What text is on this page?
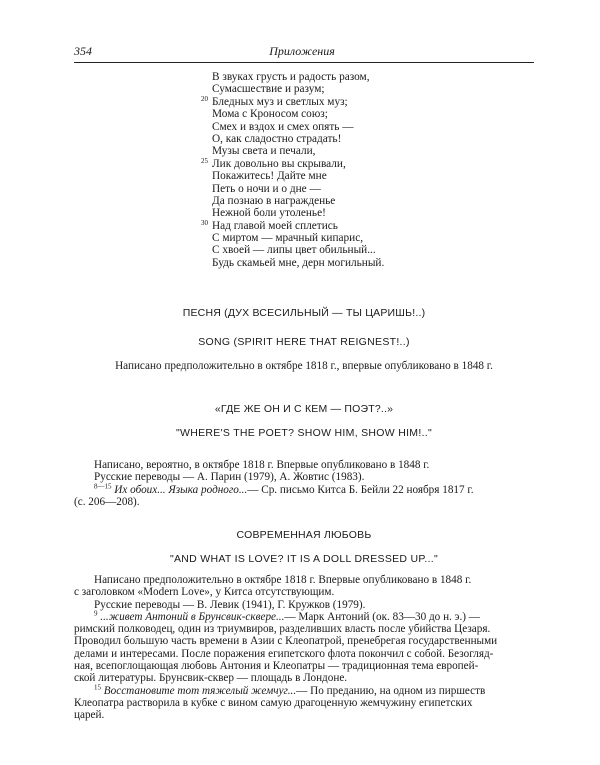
354	Приложения
В звуках грусть и радость разом,
Сумасшествие и разум;
20 Бледных муз и светлых муз;
Мома с Кроносом союз;
Смех и вздох и смех опять —
О, как сладостно страдать!
Музы света и печали,
25 Лик довольно вы скрывали,
Покажитесь! Дайте мне
Петь о ночи и о дне —
Да познаю в награжденье
Нежной боли утоленье!
30 Над главой моей сплетись
С миртом — мрачный кипарис,
С хвоей — липы цвет обильный...
Будь скамьей мне, дерн могильный.
ПЕСНЯ (ДУХ ВСЕСИЛЬНЫЙ — ТЫ ЦАРИШЬ!..)
SONG (SPIRIT HERE THAT REIGNEST!..)
Написано предположительно в октябре 1818 г., впервые опубликовано в 1848 г.
«ГДЕ ЖЕ ОН И С КЕМ — ПОЭТ?..»
"WHERE'S THE POET? SHOW HIM, SHOW HIM!.."
Написано, вероятно, в октябре 1818 г. Впервые опубликовано в 1848 г.
Русские переводы — А. Парин (1979), А. Жовтис (1983).
$^{8—15}$ Их обоих... Языка родного...— Ср. письмо Китса Б. Бейли 22 ноября 1817 г.
(с. 206—208).
СОВРЕМЕННАЯ ЛЮБОВЬ
"AND WHAT IS LOVE? IT IS A DOLL DRESSED UP..."
Написано предположительно в октябре 1818 г. Впервые опубликовано в 1848 г.
с заголовком «Modern Love», у Китса отсутствующим.
Русские переводы — В. Левик (1941), Г. Кружков (1979).
$^9$ ...живет Антоний в Брунсвик-сквере...— Марк Антоний (ок. 83—30 до н. э.) —
римский полководец, один из триумвиров, разделивших власть после убийства Цезаря.
Проводил большую часть времени в Азии с Клеопатрой, пренебрегая государственными
делами и интересами. После поражения египетского флота покончил с собой. Безогляд-
ная, всепоглощающая любовь Антония и Клеопатры — традиционная тема европей-
ской литературы. Брунсвик-сквер — площадь в Лондоне.
$^{15}$ Восстановите тот тяжелый жемчуг...— По преданию, на одном из пиршеств
Клеопатра растворила в кубке с вином самую драгоценную жемчужину египетских
царей.
